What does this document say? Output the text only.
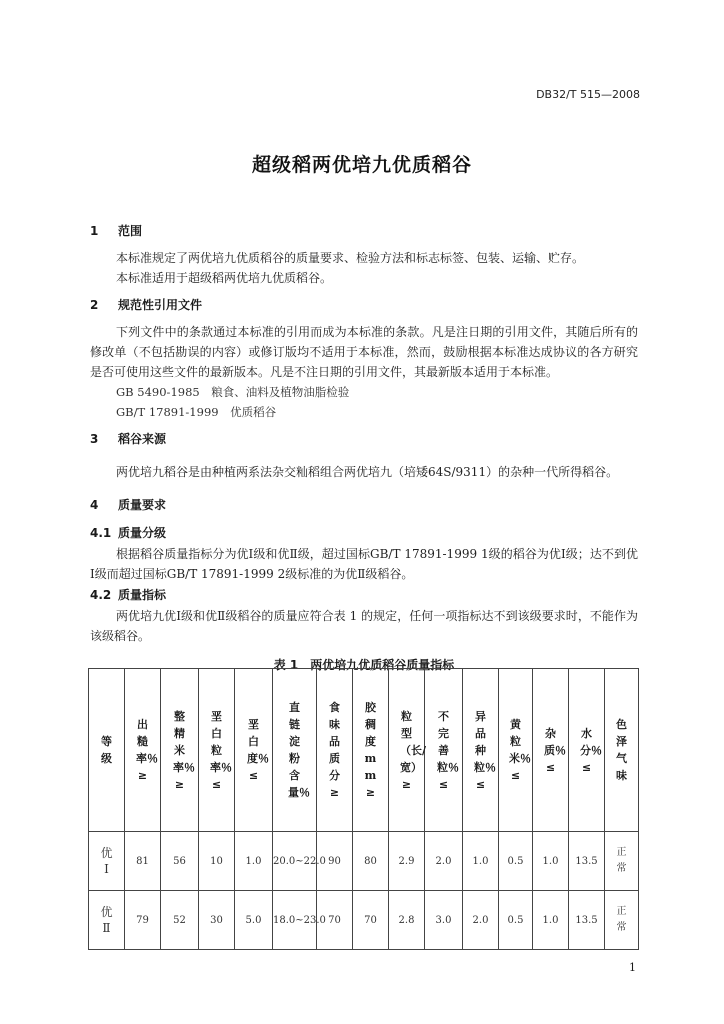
DB32/T 515—2008
超级稻两优培九优质稻谷
1 范围

本标准规定了两优培九优质稻谷的质量要求、检验方法和标志标签、包装、运输、贮存。

本标准适用于超级稻两优培九优质稻谷。

2 规范性引用文件

下列文件中的条款通过本标准的引用而成为本标准的条款。凡是注日期的引用文件，其随后所有的修改单（不包括勘误的内容）或修订版均不适用于本标准，然而，鼓励根据本标准达成协议的各方研究是否可使用这些文件的最新版本。凡是不注日期的引用文件，其最新版本适用于本标准。

GB 5490-1985　粮食、油料及植物油脂检验

GB/T 17891-1999　优质稻谷

3 稻谷来源

两优培九稻谷是由种植两系法杂交籼稻组合两优培九（培矮64S/9311）的杂种一代所得稻谷。

4 质量要求
4.1 质量分级

根据稻谷质量指标分为优Ⅰ级和优Ⅱ级，超过国标GB/T 17891-1999 1级的稻谷为优Ⅰ级；达不到优Ⅰ级而超过国标GB/T 17891-1999 2级标准的为优Ⅱ级稻谷。

4.2 质量指标

两优培九优Ⅰ级和优Ⅱ级稻谷的质量应符合表 1 的规定，任何一项指标达不到该级要求时，不能作为该级稻谷。

表 1　两优培九优质稻谷质量指标
等级	出糙率％≥	整精米率％≥	垩白粒率％≤	垩白度％≤	直链淀粉含量％	食味品质分≥	胶稠度mm≥	粒型（长/宽）≥	不完善粒％≤	异品种粒％≤	黄粒米％≤	杂质％≤	水分％≤	色泽气味
优Ⅰ	81	56	10	1.0	20.0~22.0	90	80	2.9	2.0	1.0	0.5	1.0	13.5	正常
优Ⅱ	79	52	30	5.0	18.0~23.0	70	70	2.8	3.0	2.0	0.5	1.0	13.5	正常
1
